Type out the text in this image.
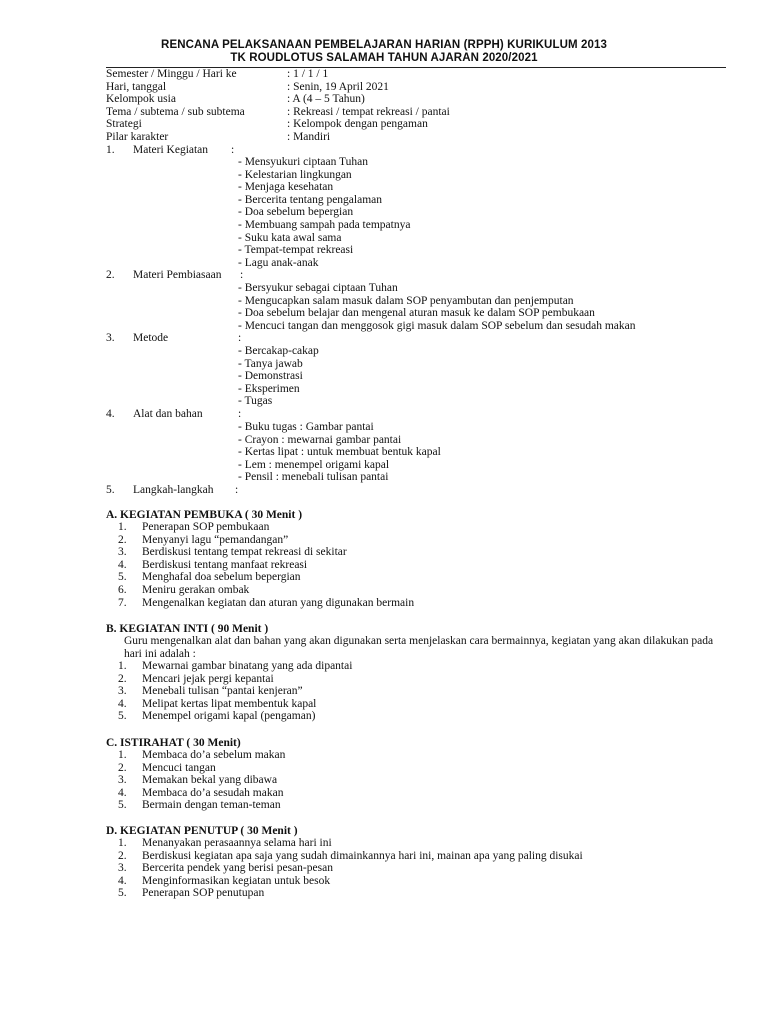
RENCANA PELAKSANAAN PEMBELAJARAN HARIAN (RPPH) KURIKULUM 2013
TK ROUDLOTUS SALAMAH TAHUN AJARAN 2020/2021
Semester / Minggu / Hari ke	: 1 / 1 / 1
Hari, tanggal	: Senin, 19 April 2021
Kelompok usia	: A (4 – 5 Tahun)
Tema / subtema / sub subtema	: Rekreasi / tempat rekreasi / pantai
Strategi	: Kelompok dengan pengaman
Pilar karakter	: Mandiri
1. Materi Kegiatan :
- Mensyukuri ciptaan Tuhan
- Kelestarian lingkungan
- Menjaga kesehatan
- Bercerita tentang pengalaman
- Doa sebelum bepergian
- Membuang sampah pada tempatnya
- Suku kata awal sama
- Tempat-tempat rekreasi
- Lagu anak-anak
2. Materi Pembiasaan :
- Bersyukur sebagai ciptaan Tuhan
- Mengucapkan salam masuk dalam SOP penyambutan dan penjemputan
- Doa sebelum belajar dan mengenal aturan masuk ke dalam SOP pembukaan
- Mencuci tangan dan menggosok gigi masuk dalam SOP sebelum dan sesudah makan
3. Metode	:
- Bercakap-cakap
- Tanya jawab
- Demonstrasi
- Eksperimen
- Tugas
4. Alat dan bahan	:
- Buku tugas : Gambar pantai
- Crayon : mewarnai gambar pantai
- Kertas lipat : untuk membuat bentuk kapal
- Lem : menempel origami kapal
- Pensil : menebali tulisan pantai
5. Langkah-langkah :
A. KEGIATAN PEMBUKA ( 30 Menit )
1. Penerapan SOP pembukaan
2. Menyanyi lagu “pemandangan”
3. Berdiskusi tentang tempat rekreasi di sekitar
4. Berdiskusi tentang manfaat rekreasi
5. Menghafal doa sebelum bepergian
6. Meniru gerakan ombak
7. Mengenalkan kegiatan dan aturan yang digunakan bermain
B. KEGIATAN INTI ( 90 Menit )
Guru mengenalkan alat dan bahan yang akan digunakan serta menjelaskan cara bermainnya, kegiatan yang akan dilakukan pada hari ini adalah :
1. Mewarnai gambar binatang yang ada dipantai
2. Mencari jejak pergi kepantai
3. Menebali tulisan “pantai kenjeran”
4. Melipat kertas lipat membentuk kapal
5. Menempel origami kapal (pengaman)
C. ISTIRAHAT ( 30 Menit)
1. Membaca do’a sebelum makan
2. Mencuci tangan
3. Memakan bekal yang dibawa
4. Membaca do’a sesudah makan
5. Bermain dengan teman-teman
D. KEGIATAN PENUTUP ( 30 Menit )
1. Menanyakan perasaannya selama hari ini
2. Berdiskusi kegiatan apa saja yang sudah dimainkannya hari ini, mainan apa yang paling disukai
3. Bercerita pendek yang berisi pesan-pesan
4. Menginformasikan kegiatan untuk besok
5. Penerapan SOP penutupan
